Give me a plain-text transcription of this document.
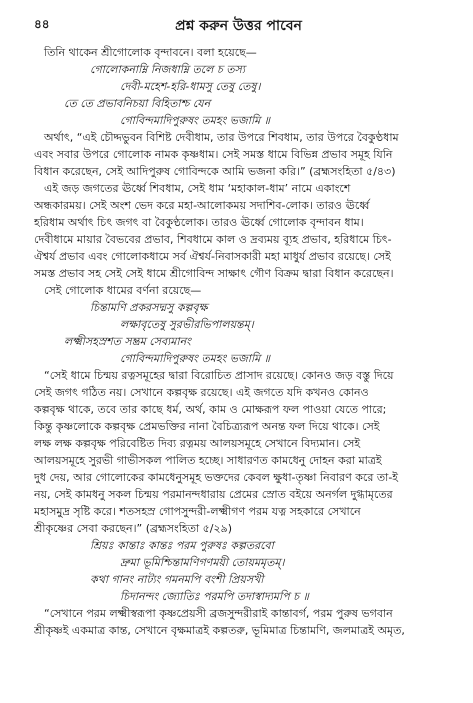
৪৪	প্রশ্ন করুন উত্তর পাবেন
তিনি থাকেন শ্রীগোলোক বৃন্দাবনে। বলা হয়েছে—
গোলোকনাম্নি নিজধাম্নি তলে চ তস্য
দেবী-মহেশ-হরি-ধামসু তেষু তেষু।
তে তে প্রভাবনিচয়া বিহিতাশ্চ যেন
গোবিন্দমাদিপুরুষং তমহং ভজামি ॥
অর্থাৎ, “এই চৌদ্দভুবন বিশিষ্ট দেবীধাম, তার উপরে শিবধাম, তার উপরে বৈকুণ্ঠধাম
এবং সবার উপরে গোলোক নামক কৃষ্ণধাম। সেই সমস্ত ধামে বিভিন্ন প্রভাব সমূহ যিনি
বিধান করেছেন, সেই আদিপুরুষ গোবিন্দকে আমি ভজনা করি।” (ব্রহ্মসংহিতা ৫/৪৩)
এই জড় জগতের ঊর্ধ্বে শিবধাম, সেই ধাম ‘মহাকাল-ধাম’ নামে একাংশে
অন্ধকারময়। সেই অংশ ভেদ করে মহা-আলোকময় সদাশিব-লোক। তারও ঊর্ধ্বে
হরিধাম অর্থাৎ চিৎ জগৎ বা বৈকুণ্ঠলোক। তারও ঊর্ধ্বে গোলোক বৃন্দাবন ধাম।
দেবীধামে মায়ার বৈভবের প্রভাব, শিবধামে কাল ও দ্রব্যময় ব্যূহ প্রভাব, হরিধামে চিৎ-
ঐশ্বর্য প্রভাব এবং গোলোকধামে সর্ব ঐশ্বর্য-নিবাসকারী মহা মাধুর্য প্রভাব রয়েছে। সেই
সমস্ত প্রভাব সহ সেই সেই ধামে শ্রীগোবিন্দ সাক্ষাৎ গৌণ বিক্রম দ্বারা বিধান করেছেন।
সেই গোলোক ধামের বর্ণনা রয়েছে—
চিন্তামণি প্রকরসদ্মসু কল্পবৃক্ষ
লক্ষাবৃতেষু সুরভীরভিপালয়ন্তম্।
লক্ষ্মীসহস্রশত সম্ভ্রম সেব্যমানং
গোবিন্দমাদিপুরুষং তমহং ভজামি ॥
“সেই ধামে চিন্ময় রত্নসমূহের দ্বারা বিরোচিত প্রাসাদ রয়েছে। কোনও জড় বস্তু দিয়ে
সেই জগৎ গঠিত নয়। সেখানে কল্পবৃক্ষ রয়েছে। এই জগতে যদি কখনও কোনও
কল্পবৃক্ষ থাকে, তবে তার কাছে ধর্ম, অর্থ, কাম ও মোক্ষরূপ ফল পাওয়া যেতে পারে;
কিন্তু কৃষ্ণলোকে কল্পবৃক্ষ প্রেমভক্তির নানা বৈচিত্র্যরূপ অনন্ত ফল দিয়ে থাকে। সেই
লক্ষ লক্ষ কল্পবৃক্ষ পরিবেষ্টিত দিব্য রত্নময় আলয়সমূহে সেখানে বিদ্যমান। সেই
আলয়সমূহে সুরভী গাভীসকল পালিত হচ্ছে। সাধারণত কামধেনু দোহন করা মাত্রই
দুধ দেয়, আর গোলোকের কামধেনুসমূহ ভক্তদের কেবল ক্ষুধা-তৃষ্ণা নিবারণ করে তা-ই
নয়, সেই কামধনু সকল চিন্ময় পরমানন্দধারায় প্রেমের স্রোত বইয়ে অনর্গল দুগ্ধামৃতের
মহাসমুদ্র সৃষ্টি করে। শতসহস্র গোপসুন্দরী-লক্ষ্মীগণ পরম যত্ন সহকারে সেখানে
শ্রীকৃষ্ণের সেবা করছেন।” (ব্রহ্মসংহিতা ৫/২৯)
শ্রিয়ঃ কান্তাঃ কান্তঃ পরম পুরুষঃ কল্পতরবো
দ্রুমা ভূমিশ্চিন্তামণিগণময়ী তোয়মমৃতম্।
কথা গানং নাট্যং গমনমপি বংশী প্রিয়সখী
চিদানন্দং জ্যোতিঃ পরমপি তদাস্বাদ্যমপি চ ॥
“সেখানে পরম লক্ষ্মীস্বরূপা কৃষ্ণপ্রেয়সী ব্রজসুন্দরীরাই কান্তাবর্গ, পরম পুরুষ ভগবান
শ্রীকৃষ্ণই একমাত্র কান্ত, সেখানে বৃক্ষমাত্রই কল্পতরু, ভূমিমাত্র চিন্তামণি, জলমাত্রই অমৃত,
